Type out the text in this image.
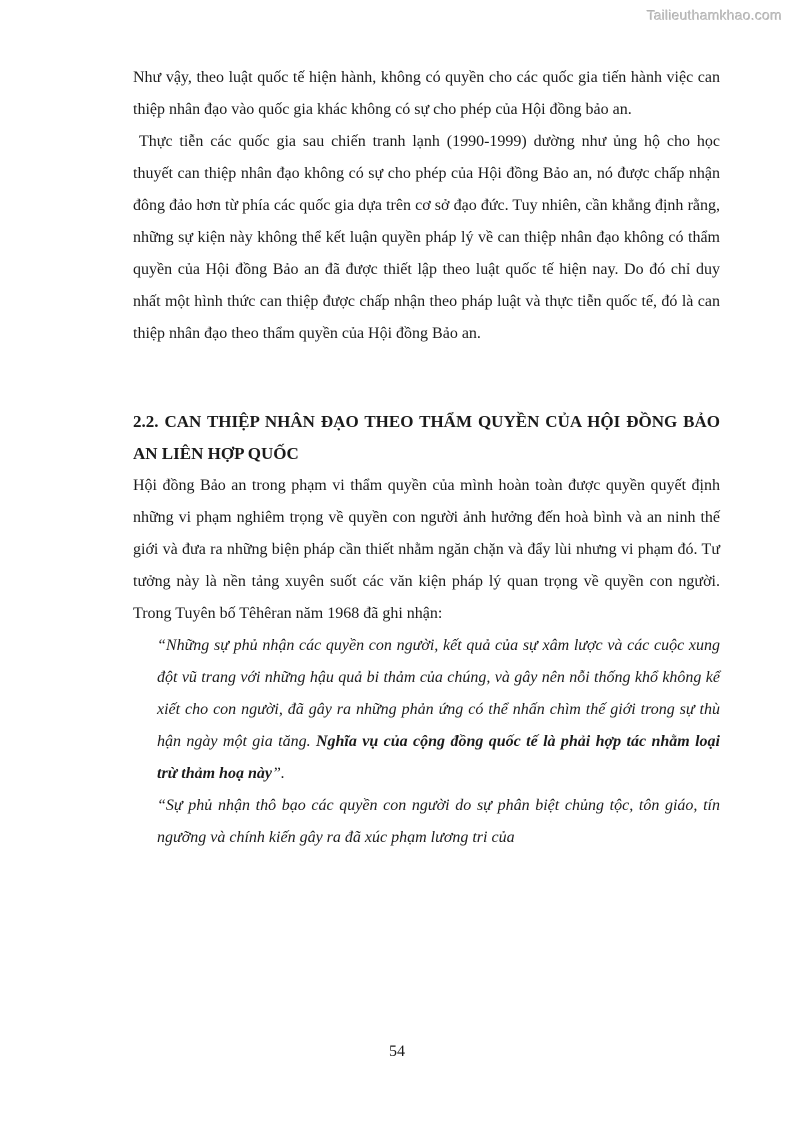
Tailieuthamkhao.com

Như vậy, theo luật quốc tế hiện hành, không có quyền cho các quốc gia tiến hành việc can thiệp nhân đạo vào quốc gia khác không có sự cho phép của Hội đồng bảo an.

Thực tiễn các quốc gia sau chiến tranh lạnh (1990-1999) dường như ủng hộ cho học thuyết can thiệp nhân đạo không có sự cho phép của Hội đồng Bảo an, nó được chấp nhận đông đảo hơn từ phía các quốc gia dựa trên cơ sở đạo đức. Tuy nhiên, cần khẳng định rằng, những sự kiện này không thể kết luận quyền pháp lý về can thiệp nhân đạo không có thẩm quyền của Hội đồng Bảo an đã được thiết lập theo luật quốc tế hiện nay. Do đó chỉ duy nhất một hình thức can thiệp được chấp nhận theo pháp luật và thực tiễn quốc tế, đó là can thiệp nhân đạo theo thẩm quyền của Hội đồng Bảo an.

2.2. CAN THIỆP NHÂN ĐẠO THEO THẨM QUYỀN CỦA HỘI ĐỒNG BẢO AN LIÊN HỢP QUỐC

Hội đồng Bảo an trong phạm vi thẩm quyền của mình hoàn toàn được quyền quyết định những vi phạm nghiêm trọng về quyền con người ảnh hưởng đến hoà bình và an ninh thế giới và đưa ra những biện pháp cần thiết nhằm ngăn chặn và đẩy lùi nhưng vi phạm đó. Tư tưởng này là nền tảng xuyên suốt các văn kiện pháp lý quan trọng về quyền con người. Trong Tuyên bố Têhêran năm 1968 đã ghi nhận:

“Những sự phủ nhận các quyền con người, kết quả của sự xâm lược và các cuộc xung đột vũ trang với những hậu quả bi thảm của chúng, và gây nên nỗi thống khổ không kể xiết cho con người, đã gây ra những phản ứng có thể nhấn chìm thế giới trong sự thù hận ngày một gia tăng. Nghĩa vụ của cộng đồng quốc tế là phải hợp tác nhằm loại trừ thảm hoạ này”.

“Sự phủ nhận thô bạo các quyền con người do sự phân biệt chủng tộc, tôn giáo, tín ngưỡng và chính kiến gây ra đã xúc phạm lương tri của

54
